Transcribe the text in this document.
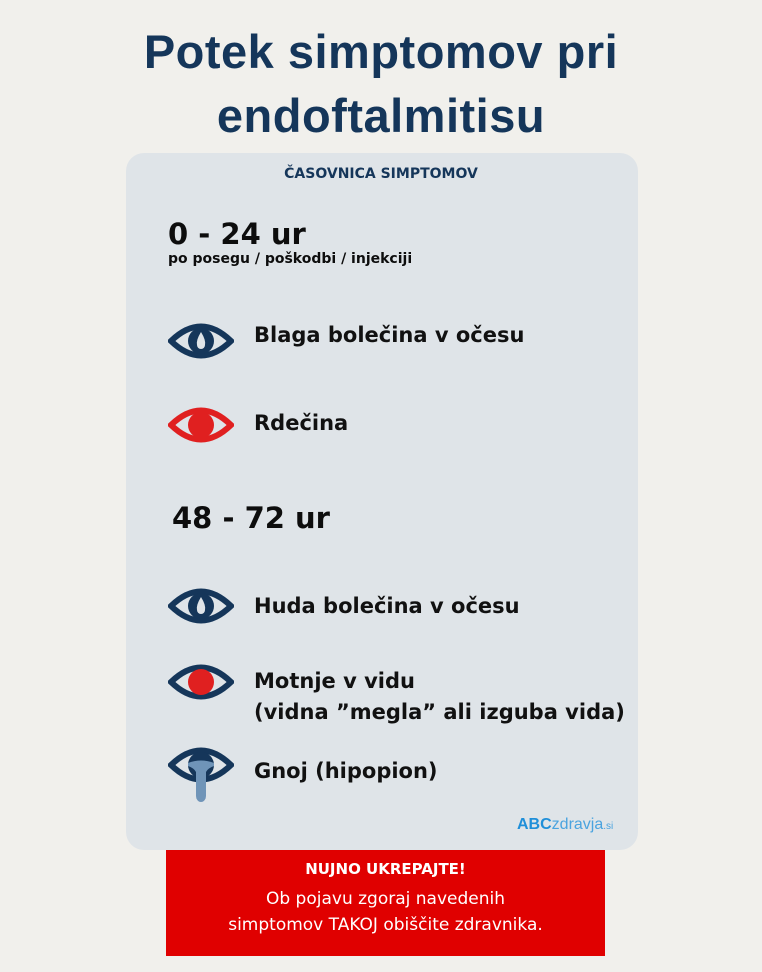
Potek simptomov pri
endoftalmitisu
ČASOVNICA SIMPTOMOV
0 - 24 ur
po posegu / poškodbi / injekciji
Blaga bolečina v očesu
Rdečina
48 - 72 ur
Huda bolečina v očesu
Motnje v vidu
(vidna ”megla” ali izguba vida)
Gnoj (hipopion)
ABCzdravja.si
NUJNO UKREPAJTE!
Ob pojavu zgoraj navedenih
simptomov TAKOJ obiščite zdravnika.
